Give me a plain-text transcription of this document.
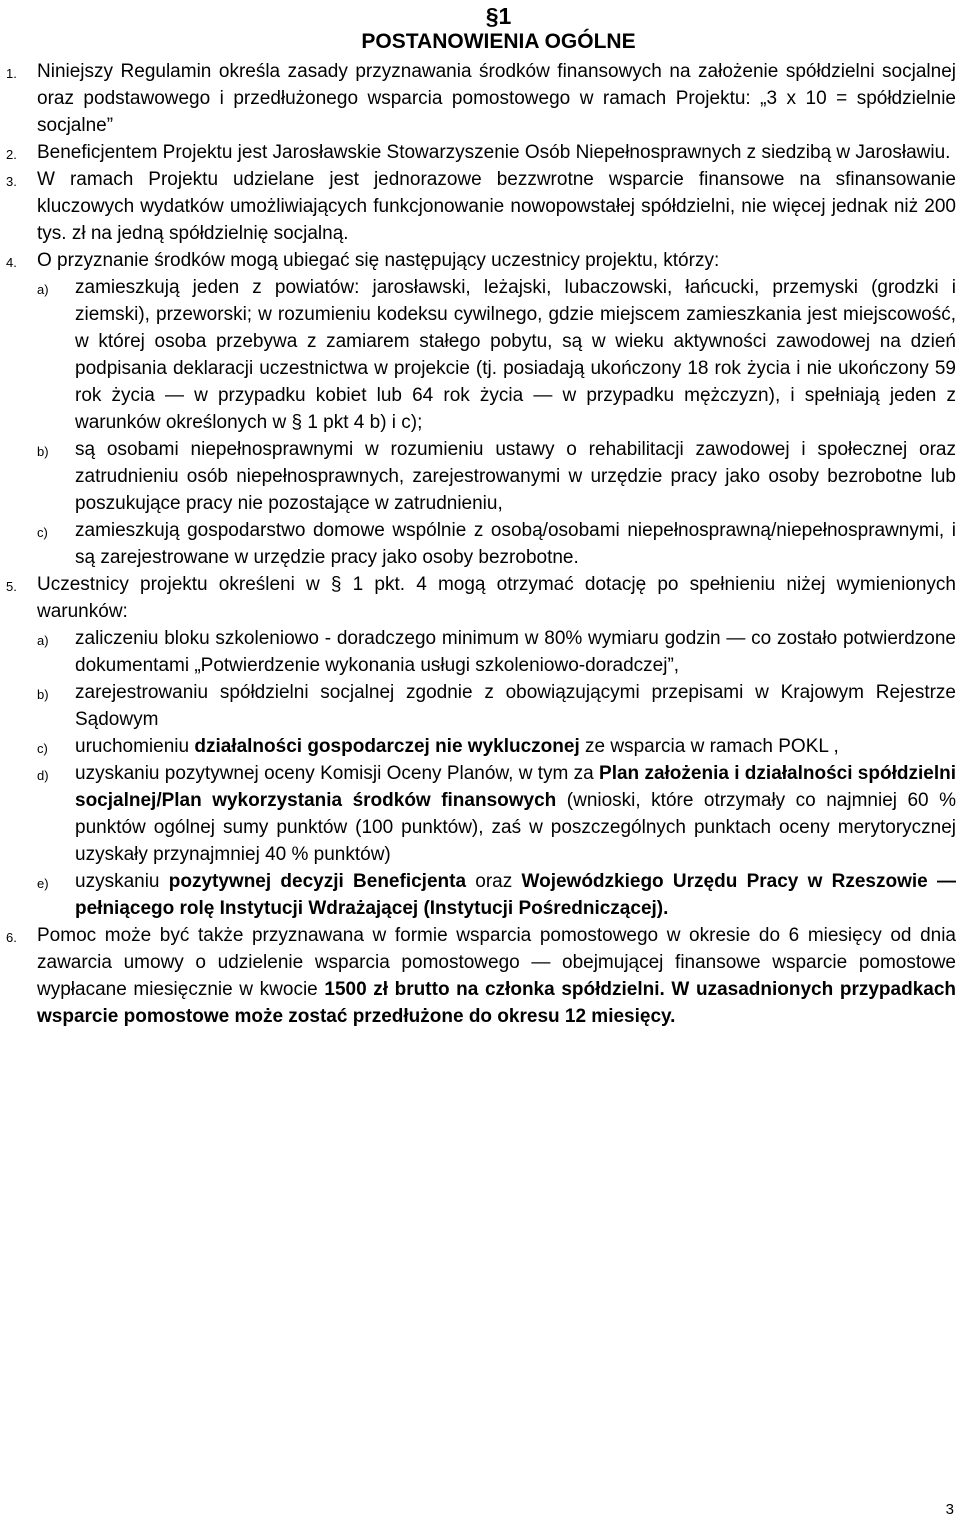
§1
POSTANOWIENIA OGÓLNE
1. Niniejszy Regulamin określa zasady przyznawania środków finansowych na założenie spółdzielni socjalnej oraz podstawowego i przedłużonego wsparcia pomostowego w ramach Projektu: „3 x 10 = spółdzielnie socjalne”
2. Beneficjentem Projektu jest Jarosławskie Stowarzyszenie Osób Niepełnosprawnych z siedzibą w Jarosławiu.
3. W ramach Projektu udzielane jest jednorazowe bezzwrotne wsparcie finansowe na sfinansowanie kluczowych wydatków umożliwiających funkcjonowanie nowopowstałej spółdzielni, nie więcej jednak niż 200 tys. zł na jedną spółdzielnię socjalną.
4. O przyznanie środków mogą ubiegać się następujący uczestnicy projektu, którzy:
a) zamieszkują jeden z powiatów: jarosławski, leżajski, lubaczowski, łańcucki, przemyski (grodzki i ziemski), przeworski; w rozumieniu kodeksu cywilnego, gdzie miejscem zamieszkania jest miejscowość, w której osoba przebywa z zamiarem stałego pobytu, są w wieku aktywności zawodowej na dzień podpisania deklaracji uczestnictwa w projekcie (tj. posiadają ukończony 18 rok życia i nie ukończony 59 rok życia — w przypadku kobiet lub 64 rok życia — w przypadku mężczyzn), i spełniają jeden z warunków określonych w § 1 pkt 4 b) i c);
b) są osobami niepełnosprawnymi w rozumieniu ustawy o rehabilitacji zawodowej i społecznej oraz zatrudnieniu osób niepełnosprawnych, zarejestrowanymi w urzędzie pracy jako osoby bezrobotne lub poszukujące pracy nie pozostające w zatrudnieniu,
c) zamieszkują gospodarstwo domowe wspólnie z osobą/osobami niepełnosprawną/niepełnosprawnymi, i są zarejestrowane w urzędzie pracy jako osoby bezrobotne.
5. Uczestnicy projektu określeni w § 1 pkt. 4 mogą otrzymać dotację po spełnieniu niżej wymienionych warunków:
a) zaliczeniu bloku szkoleniowo - doradczego minimum w 80% wymiaru godzin — co zostało potwierdzone dokumentami „Potwierdzenie wykonania usługi szkoleniowo-doradczej”,
b) zarejestrowaniu spółdzielni socjalnej zgodnie z obowiązującymi przepisami w Krajowym Rejestrze Sądowym
c) uruchomieniu działalności gospodarczej nie wykluczonej ze wsparcia w ramach POKL ,
d) uzyskaniu pozytywnej oceny Komisji Oceny Planów, w tym za Plan założenia i działalności spółdzielni socjalnej/Plan wykorzystania środków finansowych (wnioski, które otrzymały co najmniej 60 % punktów ogólnej sumy punktów (100 punktów), zaś w poszczególnych punktach oceny merytorycznej uzyskały przynajmniej 40 % punktów)
e) uzyskaniu pozytywnej decyzji Beneficjenta oraz Wojewódzkiego Urzędu Pracy w Rzeszowie — pełniącego rolę Instytucji Wdrażającej (Instytucji Pośredniczącej).
6. Pomoc może być także przyznawana w formie wsparcia pomostowego w okresie do 6 miesięcy od dnia zawarcia umowy o udzielenie wsparcia pomostowego — obejmującej finansowe wsparcie pomostowe wypłacane miesięcznie w kwocie 1500 zł brutto na członka spółdzielni. W uzasadnionych przypadkach wsparcie pomostowe może zostać przedłużone do okresu 12 miesięcy.
3
